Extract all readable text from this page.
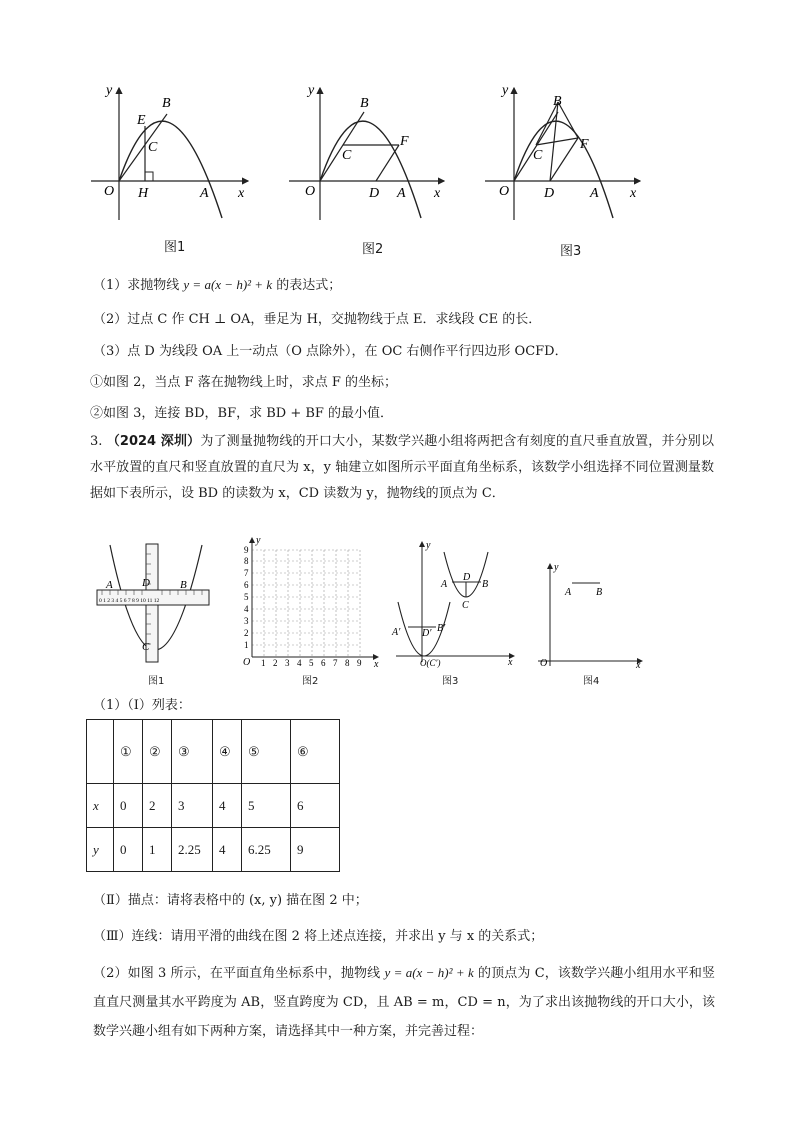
y
x
O
B
E
C
H	A
图1
y
x
O
B
C
F
D A
图2
y
x
O
B
C
F
D	A
图3
（1）求抛物线 y = a(x − h)² + k 的表达式；
（2）过点 C 作 CH ⊥ OA，垂足为 H，交抛物线于点 E．求线段 CE 的长．
（3）点 D 为线段 OA 上一动点（O 点除外），在 OC 右侧作平行四边形 OCFD．
①如图 2，当点 F 落在抛物线上时，求点 F 的坐标；
②如图 3，连接 BD，BF，求 BD + BF 的最小值．
3. （2024 深圳）为了测量抛物线的开口大小，某数学兴趣小组将两把含有刻度的直尺垂直放置，并分别以水平放置的直尺和竖直放置的直尺为 x，y 轴建立如图所示平面直角坐标系，该数学小组选择不同位置测量数据如下表所示，设 BD 的读数为 x，CD 读数为 y，抛物线的顶点为 C．
0 1 2 3 4 5 6 7 8 9 10 11 12
A	D	B
C
图1
y
x
O 1 2 3 4 5 6 7 8 9
1
2
3
4
5
6
7
8
9
图2
y
x
O(C′)
A
D
B
C
A′ D′ B′
图3
y
x
O
A B
图4
（1）（Ⅰ）列表：
	①	②	③	④	⑤	⑥
x	0	2	3	4	5	6
y	0	1	2.25	4	6.25	9
（Ⅱ）描点：请将表格中的 (x, y) 描在图 2 中；
（Ⅲ）连线：请用平滑的曲线在图 2 将上述点连接，并求出 y 与 x 的关系式；
（2）如图 3 所示，在平面直角坐标系中，抛物线 y = a(x − h)² + k 的顶点为 C，该数学兴趣小组用水平和竖直直尺测量其水平跨度为 AB，竖直跨度为 CD，且 AB = m，CD = n，为了求出该抛物线的开口大小，该数学兴趣小组有如下两种方案，请选择其中一种方案，并完善过程：
